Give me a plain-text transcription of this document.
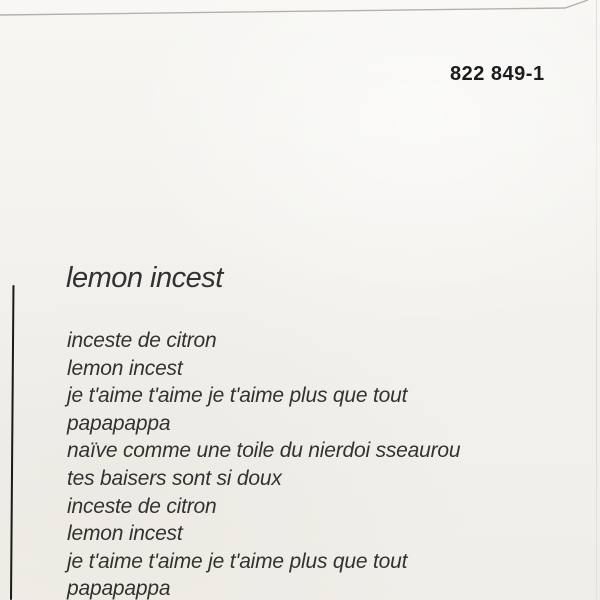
822 849-1
lemon incest
inceste de citron
lemon incest
je t'aime t'aime je t'aime plus que tout
papapappa
naïve comme une toile du nierdoi sseaurou
tes baisers sont si doux
inceste de citron
lemon incest
je t'aime t'aime je t'aime plus que tout
papapappa
